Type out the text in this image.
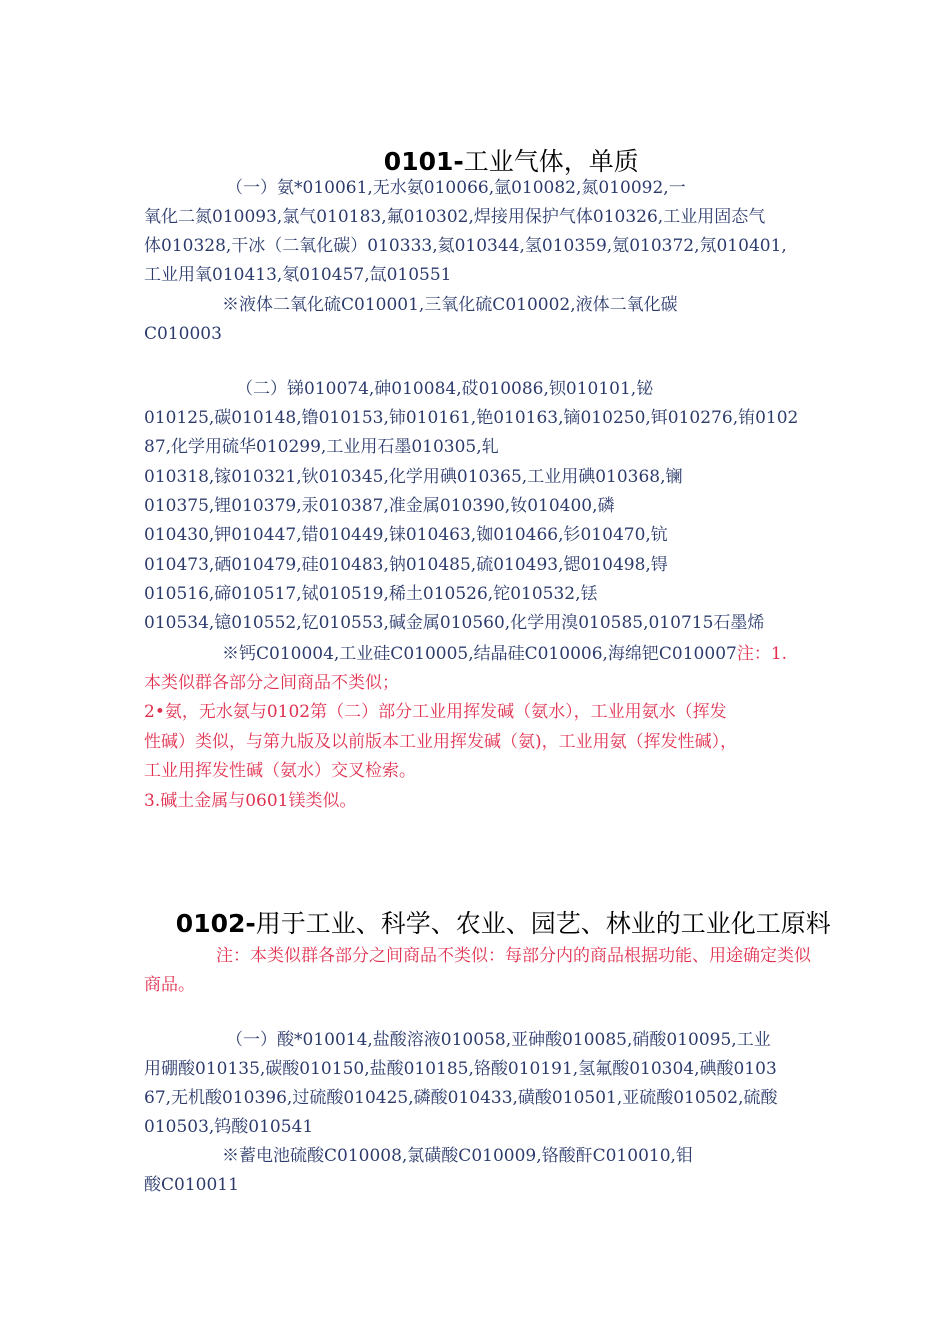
0101-工业气体，单质

（一）氨*010061,无水氨010066,氩010082,氮010092,一
氧化二氮010093,氯气010183,氟010302,焊接用保护气体010326,工业用固态气
体010328,干冰（二氧化碳）010333,氦010344,氢010359,氪010372,氖010401,
工业用氧010413,氡010457,氙010551
※液体二氧化硫C010001,三氧化硫C010002,液体二氧化碳
C010003
（二）锑010074,砷010084,砹010086,钡010101,铋
010125,碳010148,镥010153,铈010161,铯010163,镝010250,铒010276,铕0102
87,化学用硫华010299,工业用石墨010305,轧
010318,镓010321,钬010345,化学用碘010365,工业用碘010368,镧
010375,锂010379,汞010387,准金属010390,钕010400,磷
010430,钾010447,错010449,铼010463,铷010466,钐010470,钪
010473,硒010479,硅010483,钠010485,硫010493,锶010498,锝
010516,碲010517,铽010519,稀土010526,铊010532,铥
010534,镱010552,钇010553,碱金属010560,化学用溴010585,010715石墨烯
※钙C010004,工业硅C010005,结晶硅C010006,海绵钯C010007注：1.
本类似群各部分之间商品不类似；
2•氨，无水氨与0102第（二）部分工业用挥发碱（氨水），工业用氨水（挥发
性碱）类似，与第九版及以前版本工业用挥发碱（氨)，工业用氨（挥发性碱），
工业用挥发性碱（氨水）交叉检索。
3.碱土金属与0601镁类似。

0102-用于工业、科学、农业、园艺、林业的工业化工原料

注：本类似群各部分之间商品不类似：每部分内的商品根据功能、用途确定类似
商品。
（一）酸*010014,盐酸溶液010058,亚砷酸010085,硝酸010095,工业
用硼酸010135,碳酸010150,盐酸010185,铬酸010191,氢氟酸010304,碘酸0103
67,无机酸010396,过硫酸010425,磷酸010433,磺酸010501,亚硫酸010502,硫酸
010503,钨酸010541
※蓄电池硫酸C010008,氯磺酸C010009,铬酸酐C010010,钼
酸C010011
